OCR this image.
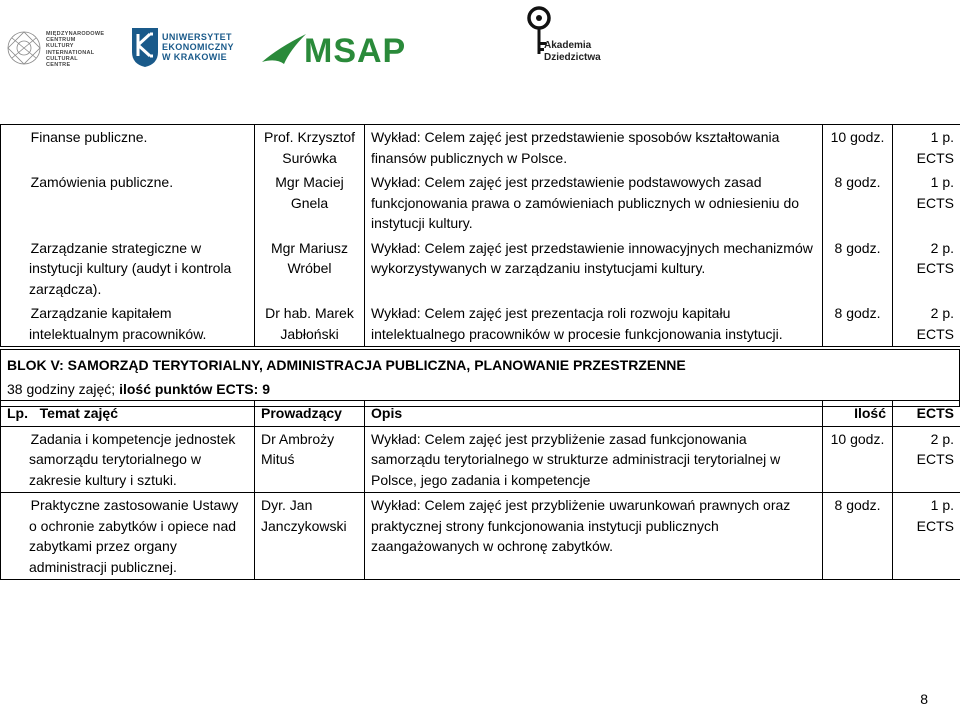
MIĘDZYNARODOWE
CENTRUM
KULTURY
INTERNATIONAL
CULTURAL
CENTRE
UNIWERSYTET
EKONOMICZNY
W KRAKOWIE MSAP	Akademia
Dziedzictwa
Finanse publiczne.	Prof. Krzysztof Surówka	Wykład: Celem zajęć jest przedstawienie sposobów kształtowania finansów publicznych w Polsce.	10 godz.	1 p. ECTS

Zamówienia publiczne.	Mgr Maciej Gnela	Wykład: Celem zajęć jest przedstawienie podstawowych zasad funkcjonowania prawa o zamówieniach publicznych w odniesieniu do instytucji kultury.	8 godz.	1 p. ECTS

Zarządzanie strategiczne w instytucji kultury (audyt i kontrola zarządcza).	Mgr Mariusz Wróbel	Wykład: Celem zajęć jest przedstawienie innowacyjnych mechanizmów wykorzystywanych w zarządzaniu instytucjami kultury.	8 godz.	2 p. ECTS

Zarządzanie kapitałem intelektualnym pracowników.	Dr hab. Marek Jabłoński	Wykład: Celem zajęć jest prezentacja roli rozwoju kapitału intelektualnego pracowników w procesie funkcjonowania instytucji.	8 godz.	2 p. ECTS
BLOK V: SAMORZĄD TERYTORIALNY, ADMINISTRACJA PUBLICZNA, PLANOWANIE PRZESTRZENNE
38 godziny zajęć; ilość punktów ECTS: 9
Lp. Temat zajęć	Prowadzący	Opis	Ilość	ECTS

Zadania i kompetencje jednostek samorządu terytorialnego w zakresie kultury i sztuki.	Dr Ambroży Mituś	Wykład: Celem zajęć jest przybliżenie zasad funkcjonowania samorządu terytorialnego w strukturze administracji terytorialnej w Polsce, jego zadania i kompetencje	10 godz.	2 p. ECTS

Praktyczne zastosowanie Ustawy o ochronie zabytków i opiece nad zabytkami przez organy administracji publicznej.	Dyr. Jan Janczykowski	Wykład: Celem zajęć jest przybliżenie uwarunkowań prawnych oraz praktycznej strony funkcjonowania instytucji publicznych zaangażowanych w ochronę zabytków.	8 godz.	1 p. ECTS
8
